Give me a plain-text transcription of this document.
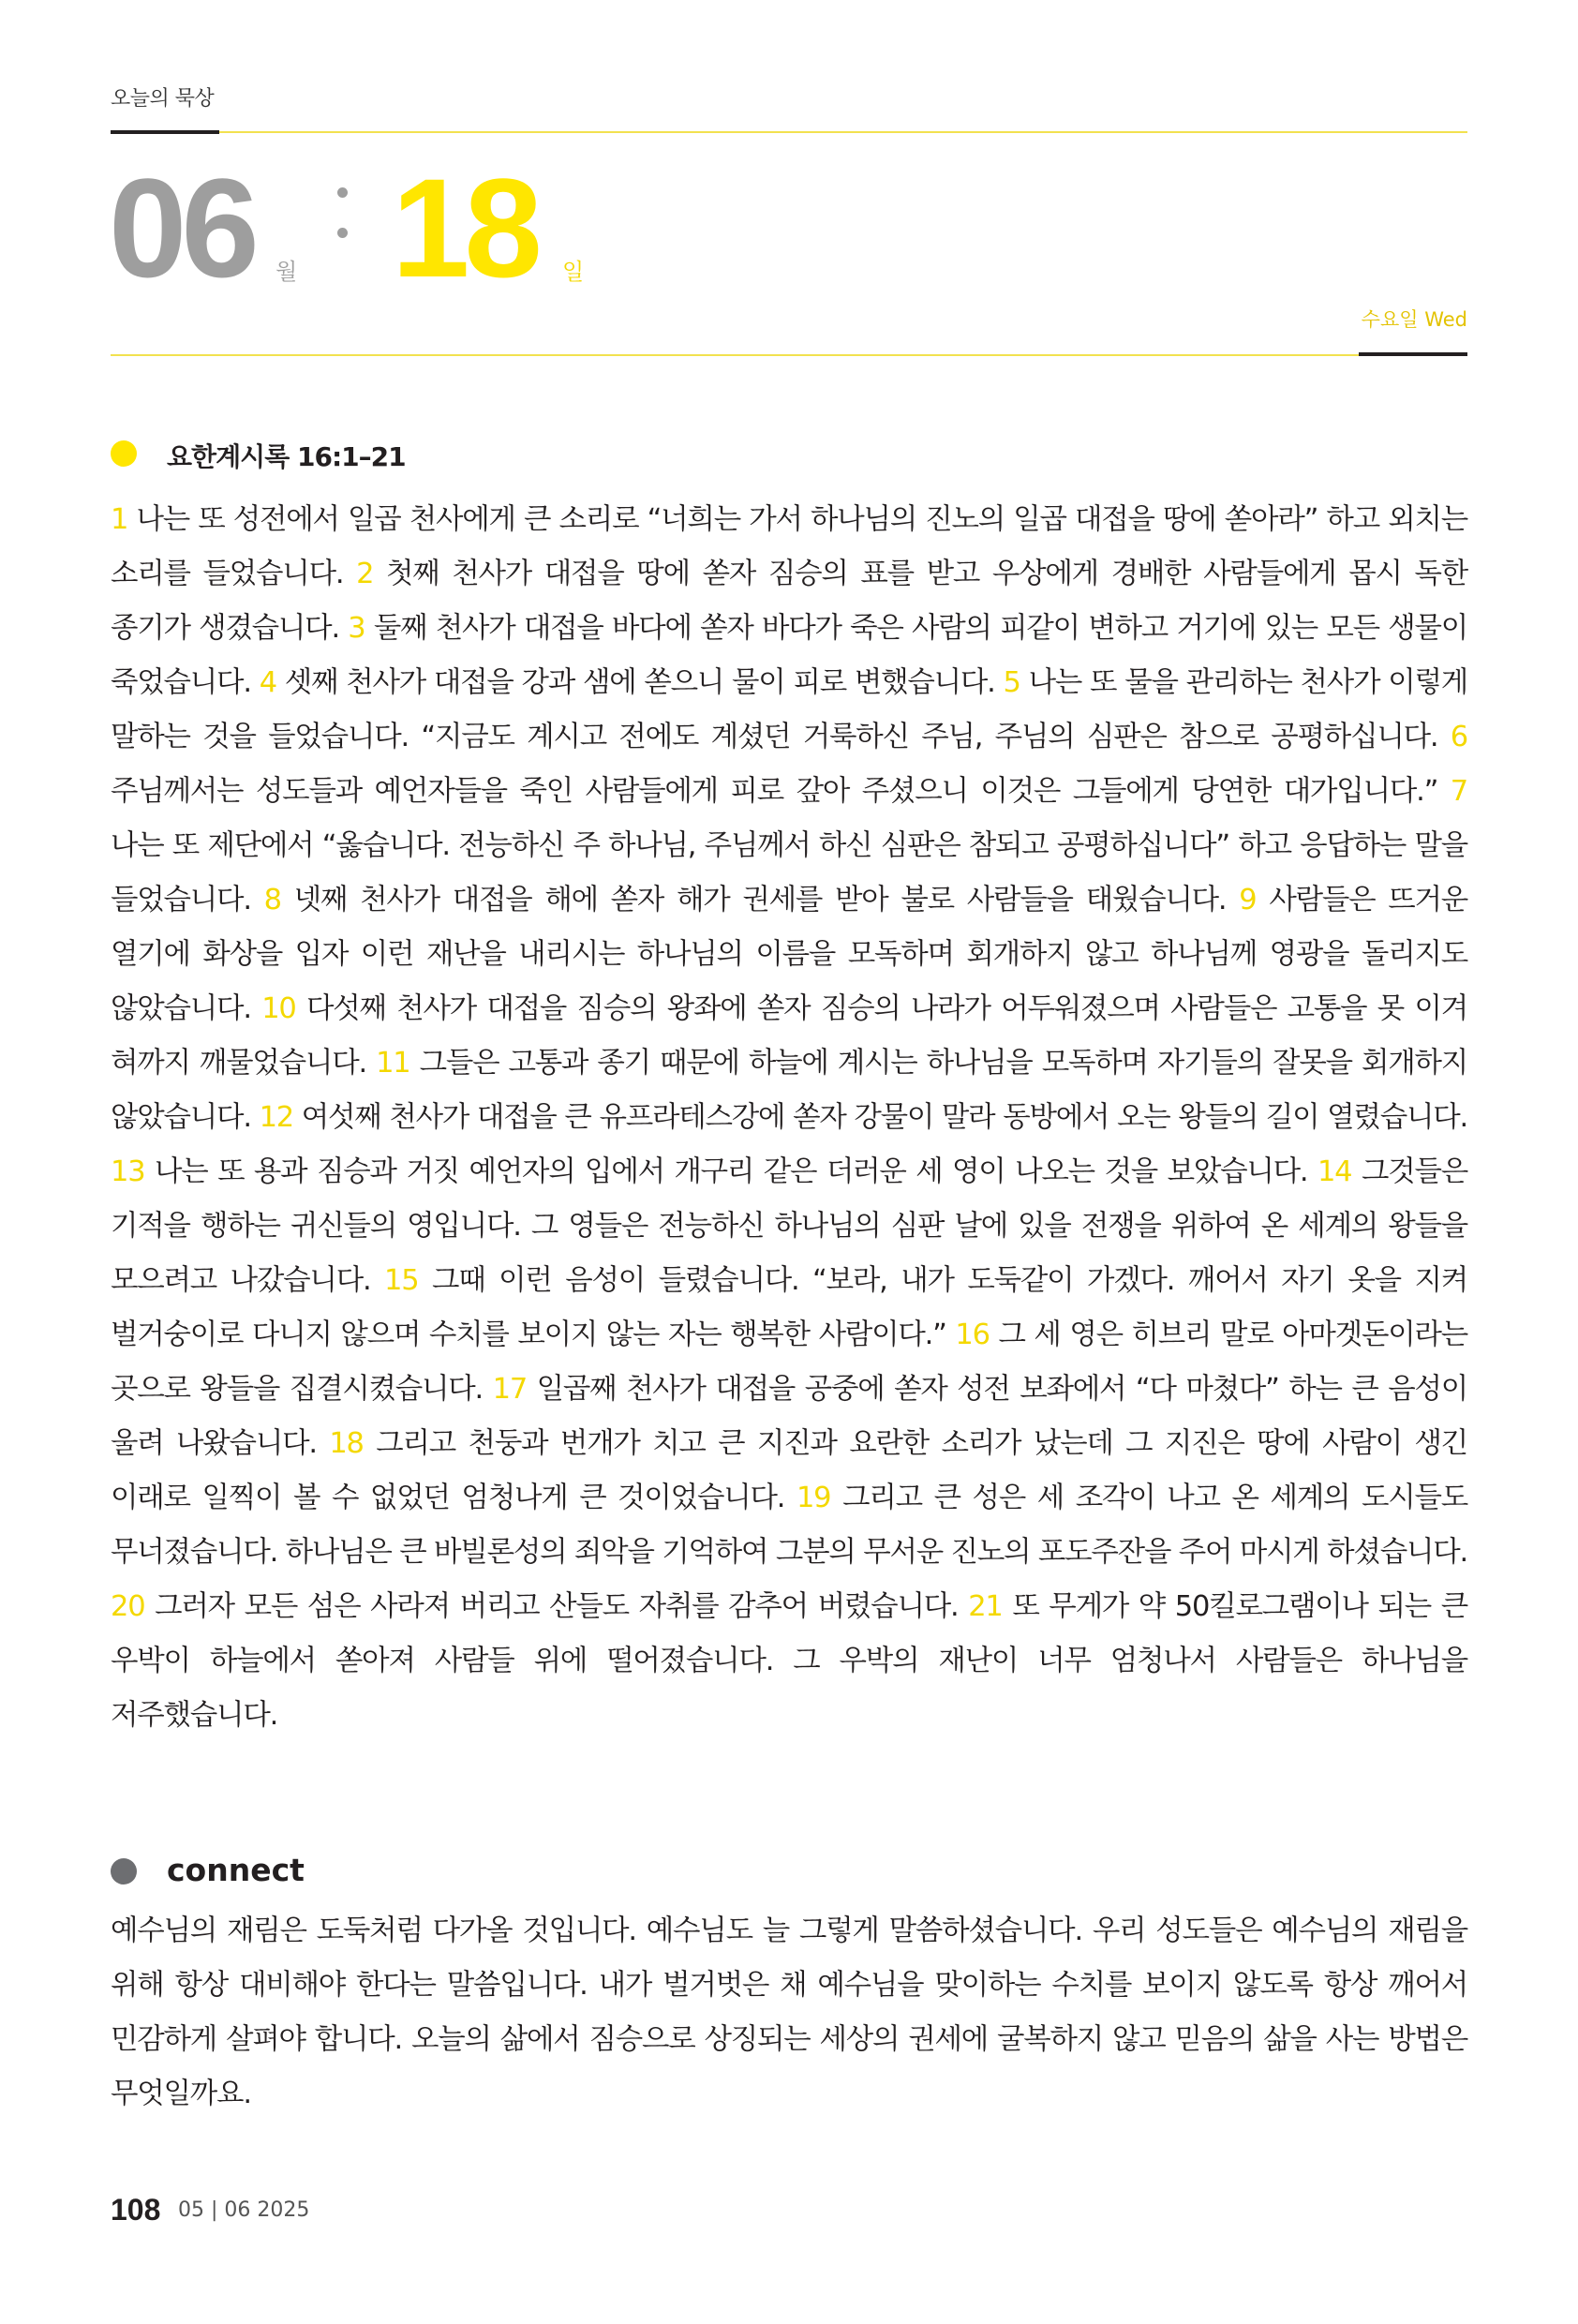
오늘의 묵상
06 월 18 일
수요일 Wed
요한계시록 16:1–21
1 나는 또 성전에서 일곱 천사에게 큰 소리로 “너희는 가서 하나님의 진노의 일곱 대접을 땅에 쏟아라” 하고 외치는 소리를 들었습니다. 2 첫째 천사가 대접을 땅에 쏟자 짐승의 표를 받고 우상에게 경배한 사람들에게 몹시 독한 종기가 생겼습니다. 3 둘째 천사가 대접을 바다에 쏟자 바다가 죽은 사람의 피같이 변하고 거기에 있는 모든 생물이 죽었습니다. 4 셋째 천사가 대접을 강과 샘에 쏟으니 물이 피로 변했습니다. 5 나는 또 물을 관리하는 천사가 이렇게 말하는 것을 들었습니다. “지금도 계시고 전에도 계셨던 거룩하신 주님, 주님의 심판은 참으로 공평하십니다. 6 주님께서는 성도들과 예언자들을 죽인 사람들에게 피로 갚아 주셨으니 이것은 그들에게 당연한 대가입니다.” 7 나는 또 제단에서 “옳습니다. 전능하신 주 하나님, 주님께서 하신 심판은 참되고 공평하십니다” 하고 응답하는 말을 들었습니다. 8 넷째 천사가 대접을 해에 쏟자 해가 권세를 받아 불로 사람들을 태웠습니다. 9 사람들은 뜨거운 열기에 화상을 입자 이런 재난을 내리시는 하나님의 이름을 모독하며 회개하지 않고 하나님께 영광을 돌리지도 않았습니다. 10 다섯째 천사가 대접을 짐승의 왕좌에 쏟자 짐승의 나라가 어두워졌으며 사람들은 고통을 못 이겨 혀까지 깨물었습니다. 11 그들은 고통과 종기 때문에 하늘에 계시는 하나님을 모독하며 자기들의 잘못을 회개하지 않았습니다. 12 여섯째 천사가 대접을 큰 유프라테스강에 쏟자 강물이 말라 동방에서 오는 왕들의 길이 열렸습니다. 13 나는 또 용과 짐승과 거짓 예언자의 입에서 개구리 같은 더러운 세 영이 나오는 것을 보았습니다. 14 그것들은 기적을 행하는 귀신들의 영입니다. 그 영들은 전능하신 하나님의 심판 날에 있을 전쟁을 위하여 온 세계의 왕들을 모으려고 나갔습니다. 15 그때 이런 음성이 들렸습니다. “보라, 내가 도둑같이 가겠다. 깨어서 자기 옷을 지켜 벌거숭이로 다니지 않으며 수치를 보이지 않는 자는 행복한 사람이다.” 16 그 세 영은 히브리 말로 아마겟돈이라는 곳으로 왕들을 집결시켰습니다. 17 일곱째 천사가 대접을 공중에 쏟자 성전 보좌에서 “다 마쳤다” 하는 큰 음성이 울려 나왔습니다. 18 그리고 천둥과 번개가 치고 큰 지진과 요란한 소리가 났는데 그 지진은 땅에 사람이 생긴 이래로 일찍이 볼 수 없었던 엄청나게 큰 것이었습니다. 19 그리고 큰 성은 세 조각이 나고 온 세계의 도시들도 무너졌습니다. 하나님은 큰 바빌론성의 죄악을 기억하여 그분의 무서운 진노의 포도주잔을 주어 마시게 하셨습니다. 20 그러자 모든 섬은 사라져 버리고 산들도 자취를 감추어 버렸습니다. 21 또 무게가 약 50킬로그램이나 되는 큰 우박이 하늘에서 쏟아져 사람들 위에 떨어졌습니다. 그 우박의 재난이 너무 엄청나서 사람들은 하나님을 저주했습니다.
connect
예수님의 재림은 도둑처럼 다가올 것입니다. 예수님도 늘 그렇게 말씀하셨습니다. 우리 성도들은 예수님의 재림을 위해 항상 대비해야 한다는 말씀입니다. 내가 벌거벗은 채 예수님을 맞이하는 수치를 보이지 않도록 항상 깨어서 민감하게 살펴야 합니다. 오늘의 삶에서 짐승으로 상징되는 세상의 권세에 굴복하지 않고 믿음의 삶을 사는 방법은 무엇일까요.
108 05 | 06 2025
